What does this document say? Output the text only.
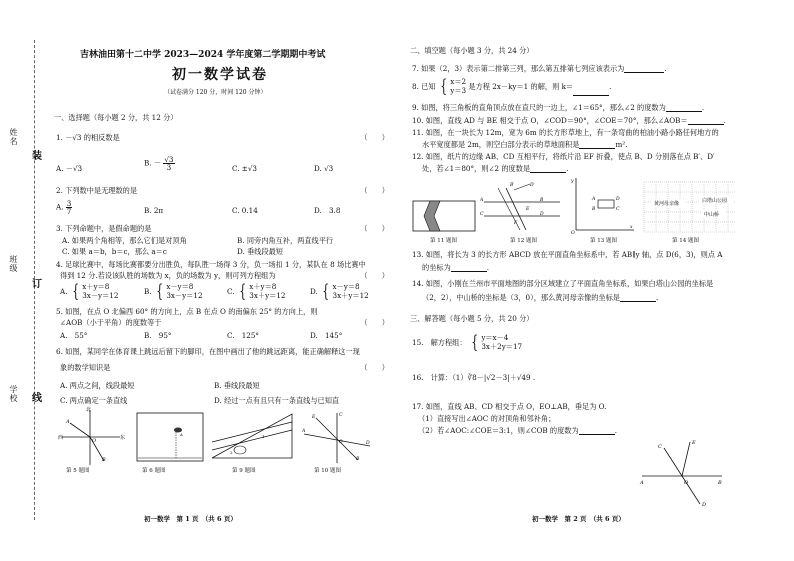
姓名
装
班级
订
学校 线
吉林油田第十二中学 2023—2024 学年度第二学期期中考试
初一数学试卷
（试卷满分 120 分，时间 120 分钟）
一、选择题（每小题 2 分，共 12 分）
1. －√3 的相反数是	（　　）
A. －√3
B. － $\frac{√3}{3}$	C. ±√3	D. √3
2. 下列数中是无理数的是	（　　）
A. $\frac{3}{7}$	B. 2π	C. 0.14	D.　3.8
3. 下列命题中，是假命题的是	（　　）
A. 如果两个角相等，那么它们是对顶角	B. 同旁内角互补，两直线平行
C. 如果 a＝b，b＝c，那么 a＝c	D. 垂线段最短
4. 足球比赛中，每场比赛都要分出胜负，每队胜一场得 3 分，负一场扣 1 分，某队在 8 场比赛中
得到 12 分.若设该队胜的场数为 x，负的场数为 y，则可列方程组为	（　　）
A. { x＋y＝8
3x－y＝12	B. { x－y＝8
3x－y＝12	C. { x＋y＝8
3x＋y＝12	D. { x－y＝8
3x＋y＝12
5. 如图，在点 O 北偏西 60° 的方向上，点 B 在点 O 的南偏东 25° 的方向上，则
∠AOB（小于平角）的度数等于	（　　）
A.　55°	B.　95°	C.　125°	D.　145°
6. 如图，某同学在体育课上跳远后留下的脚印，在图中画出了他的跳远距离，能正确解释这一现
象的数学知识是	（　　）
A. 两点之间，线段最短	B. 垂线段最短
C. 两点确定一条直线	D. 经过一点有且只有一条直线与已知直
北
东
西	O
A
B
A	1
2
C
A
D
E
B
O
第 5 题图	第 6 题图	第 9 题图	第 10 题图
初一数学　第 1 页　（共 6 页）
二、填空题（每小题 3 分，共 24 分）
7. 如果（2，3）表示第二排第三列，那么第五排第七列应该表示为	.
8. 已知 { x＝2
y＝3 是方程 2x－ky＝1 的解，则 k＝	.
9. 如图，将三角板的直角顶点放在直尺的一边上，∠1＝65°，那么∠2 的度数为	.
10. 如图，直线 AD 与 BE 相交于点 O，∠COD＝90°，∠COE＝70°，那么∠AOB＝	.
11. 如图，在一块长为 12m，宽为 6m 的长方形草地上，有一条弯曲的柏油小路小路任何地方的
水平宽度都是 2m，则空白部分表示的草地面积是	m².
12. 如图，纸片的边缘 AB、CD 互相平行，将纸片沿 EF 折叠，使点 B、D 分别落在点 B′、D′
处，若∠1＝80°，则∠2 的度数是	.
A
C
B
D
B′	D′
E
F
A
B
D
C
y
x
O
黄河母亲像	白塔山公园
中山桥
第 11 题图	第 12 题图	第 13 题图	第 14 题图
13. 如图，将长为 3 的长方形 ABCD 放在平面直角坐标系中，若 AB∥y 轴，点 D(6，3)，则点 A
的坐标为	.
14. 如图，小刚在兰州市平面地图的部分区域建立了平面直角坐标系，如果白塔山公园的坐标是
（2，2），中山桥的坐标是（3，0），那么黄河母亲像的坐标是	.
三、解答题（每小题 5 分，共 20 分）
15.　解方程组： { y＝x－4
3x＋2y＝17
16.　计算：（1）∛8－|√2－3|＋√49 .
17. 如图，直线 AB、CD 相交于点 O，EO⊥AB，垂足为 O.
（1）直接写出∠AOC 的对顶角和邻补角；
（2）若∠AOC:∠COE＝3:1，则∠COB 的度数为	.
C
E
A	O	B
D
初一数学　第 2 页　（共 6 页）
